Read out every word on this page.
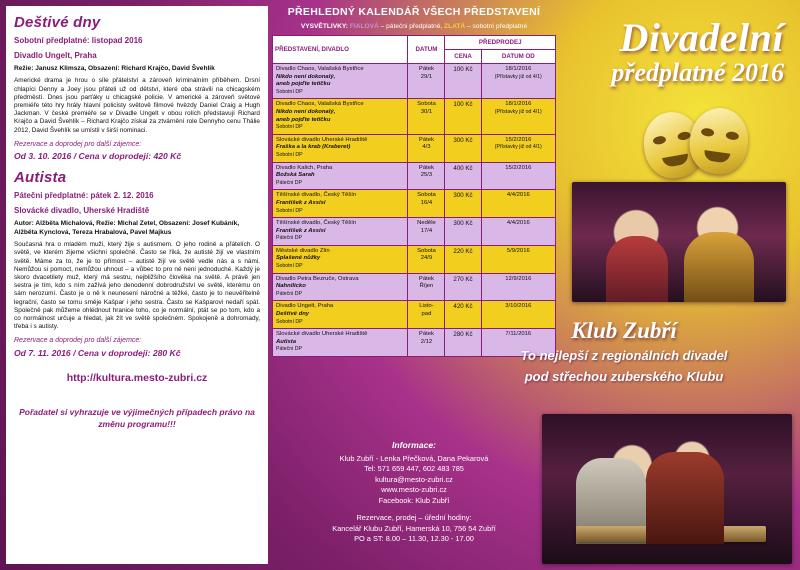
Deštivé dny
Sobotní předplatné: listopad 2016
Divadlo Ungelt, Praha
Režie: Janusz Klimsza, Obsazení: Richard Krajčo, David Švehlík
Americké drama je hrou o síle přátelství a zároveň kriminálním příběhem. Drsní chlapíci Denny a Joey jsou přáteli už od dětství, které oba strávili na chicagském předměstí. Dnes jsou parťáky u chicagské policie. V americké a zároveň světové premiéře této hry hrály hlavní policisty světově filmové hvězdy Daniel Craig a Hugh Jackman. V české premiéře se v Divadle Ungelt v obou rolích představují Richard Krajčo a David Švehlík – Richard Krajčo získal za ztvárnění role Dennyho cenu Thálie 2012, David Švehlík se umístil v širší nominaci.
Rezervace a doprodej pro další zájemce:
Od 3. 10. 2016 / Cena v doprodeji: 420 Kč
Autista
Pátečni předplatné: pátek 2. 12. 2016
Slovácké divadlo, Uherské Hradiště
Autor: Alžběta Michalová, Režie: Michal Zetel, Obsazení: Josef Kubáník, Alžběta Kynclová, Tereza Hrabalová, Pavel Majkus
Současná hra o mladém muži, který žije s autismem. O jeho rodině a přátelích. O světě, ve kterém žijeme všichni společně. Často se říká, že autisté žijí ve vlastním světě. Máme za to, že je to přímost – autisté žijí ve světě vedle nás a s námi. Nemůžou si pomoct, nemůžou uhnout – a vůbec to pro ně není jednoduché. Každý je skoro dvacetilety muž, který má sestru, nejbližšího člověka na světě. A právě jen sestra je tím, kdo s ním zažívá jeho denodenní dobrodružství ve světě, kterému on sám nerozumí. Často je o ně k neunesení náročné a těžké, často je to neuvěřitelně legrační, často se tomu směje Kašpar i jeho sestra. Často se Kašparovi nedaří spát. Společně pak můžeme ohlédnout hranice toho, co je normální, ptát se po tom, kdo a co normálnost určuje a hledat, jak žít ve světě společném. Spokojeně a dohromady, třeba i s autisty.
Rezervace a doprodej pro další zájemce:
Od 7. 11. 2016 / Cena v doprodeji: 280 Kč
http://kultura.mesto-zubri.cz
Pořadatel si vyhrazuje ve výjimečných případech právo na změnu programu!!!
PŘEHLEDNÝ KALENDÁŘ VŠECH PŘEDSTAVENÍ
VYSVĚTLIVKY: FIALOVÁ – pátečni předplatné, ZLATÁ – sobotní předplatné
PŘEDSTAVENÍ, DIVADLO	DATUM	PŘEDPRODEJ	
		CENA	DATUM OD

Divadlo Chaos, Valašská Bystřice
Nikdo není dokonalý,
aneb pojďte tetičku
Sobotní DP

Pátek
29/1
	100 Kč	18/1/2016
(Přístavky již od 4/1)

Divadlo Chaos, Valašská Bystřice
Nikdo není dokonalý,
aneb pojďte tetičku
Sobotní DP

Sobota
30/1
	100 Kč	18/1/2016
(Přístavky již od 4/1)

Slovácké divadlo Uherské Hradiště
Fraška a la krab (Kraberet)
Sobotní DP

Pátek
4/3
	300 Kč	15/2/2016
(Přístavky již od 4/1)

Divadlo Kalich, Praha
Božská Sarah
Pátečni DP

Pátek
25/3
	400 Kč	15/2/2016

Těšínské divadlo, Český Těšín
František z Assisi
Sobotní DP

Sobota
16/4
	300 Kč	4/4/2016

Těšínské divadlo, Český Těšín
František z Assisi
Pátečni DP

Neděle
17/4
	300 Kč	4/4/2016

Městské divadlo Zlín
Splašené nůžky
Sobotní DP

Sobota
24/9
	220 Kč	5/9/2016

Divadlo Petra Bezruče, Ostrava
Nahnilicko
Pátečni DP

Pátek
Říjen
	270 Kč	12/9/2016

Divadlo Ungelt, Praha
Deštivé dny
Sobotní DP

Listo-
pad
	420 Kč	3/10/2016

Slovácké divadlo Uherské Hradiště
Autista
Pátečni DP

Pátek
2/12
	280 Kč	7/11/2016
Informace:
Klub Zubří - Lenka Přečková, Dana Pekarová
Tel: 571 659 447, 602 483 785
kultura@mesto-zubri.cz
www.mesto-zubri.cz
Facebook: Klub Zubří
Rezervace, prodej – úřední hodiny:
Kancelář Klubu Zubří, Hamerská 10, 756 54 Zubří
PO a ST: 8.00 – 11.30, 12.30 - 17.00
Divadelní
předplatné 2016
Klub Zubří
To nejlepší z regionálních divadel
pod střechou zuberského Klubu
